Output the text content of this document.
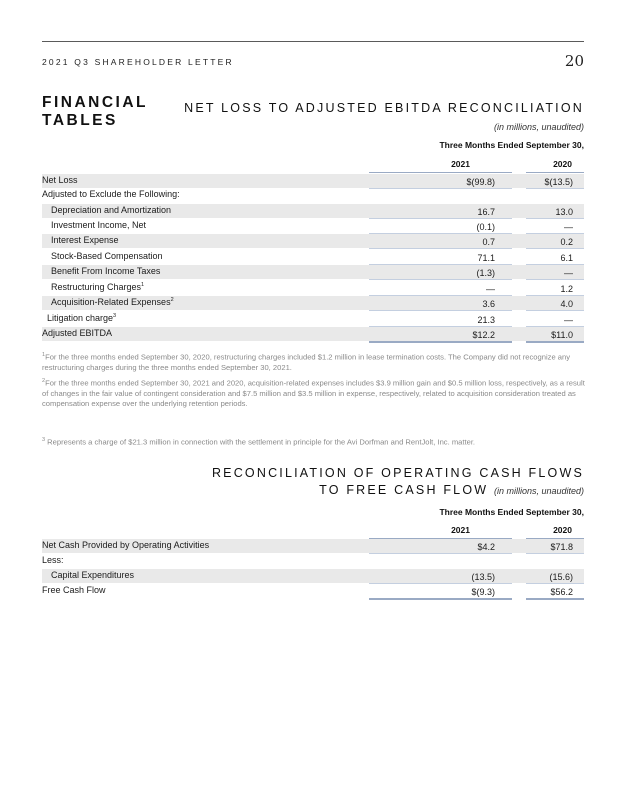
2021 Q3 SHAREHOLDER LETTER	20
FINANCIAL
TABLES
NET LOSS TO ADJUSTED EBITDA RECONCILIATION
(in millions, unaudited)
Three Months Ended September 30,
2021	2020
Net Loss	$(99.8)	$(13.5)
Adjusted to Exclude the Following:
Depreciation and Amortization	16.7	13.0
Investment Income, Net	(0.1)	—
Interest Expense	0.7	0.2
Stock-Based Compensation	71.1	6.1
Benefit From Income Taxes	(1.3)	—
Restructuring Charges$^1$	—	1.2
Acquisition-Related Expenses$^2$	3.6	4.0
Litigation charge$^3$	21.3	—
Adjusted EBITDA	$12.2	$11.0
$^1$For the three months ended September 30, 2020, restructuring charges included $1.2 million in lease termination costs. The Company did not recognize any restructuring charges during the three months ended September 30, 2021.
$^2$For the three months ended September 30, 2021 and 2020, acquisition-related expenses includes $3.9 million gain and $0.5 million loss, respectively, as a result of changes in the fair value of contingent consideration and $7.5 million and $3.5 million in expense, respectively, related to acquisition consideration treated as compensation expense over the underlying retention periods.
$^3$ Represents a charge of $21.3 million in connection with the settlement in principle for the Avi Dorfman and RentJolt, Inc. matter.
RECONCILIATION OF OPERATING CASH FLOWS
TO FREE CASH FLOW (in millions, unaudited)
Three Months Ended September 30,
2021	2020
Net Cash Provided by Operating Activities	$4.2	$71.8
Less:
Capital Expenditures	(13.5)	(15.6)
Free Cash Flow	$(9.3)	$56.2
